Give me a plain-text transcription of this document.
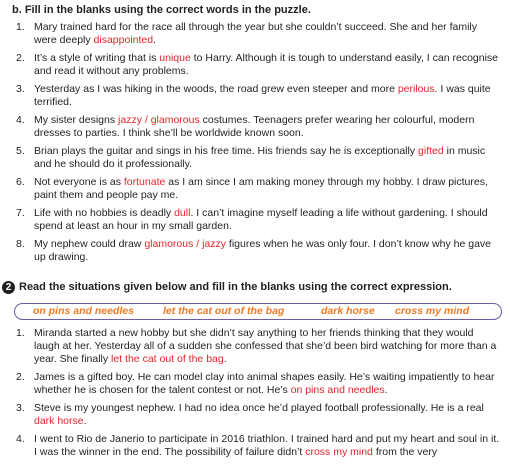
b. Fill in the blanks using the correct words in the puzzle.
1. Mary trained hard for the race all through the year but she couldn’t succeed. She and her family were deeply disappointed.
2. It’s a style of writing that is unique to Harry. Although it is tough to understand easily, I can recognise and read it without any problems.
3. Yesterday as I was hiking in the woods, the road grew even steeper and more perilous. I was quite terrified.
4. My sister designs jazzy / glamorous costumes. Teenagers prefer wearing her colourful, modern dresses to parties. I think she’ll be worldwide known soon.
5. Brian plays the guitar and sings in his free time. His friends say he is exceptionally gifted in music and he should do it professionally.
6. Not everyone is as fortunate as I am since I am making money through my hobby. I draw pictures, paint them and people pay me.
7. Life with no hobbies is deadly dull. I can’t imagine myself leading a life without gardening. I should spend at least an hour in my small garden.
8. My nephew could draw glamorous / jazzy figures when he was only four. I don’t know why he gave up drawing.
2 Read the situations given below and fill in the blanks using the correct expression.
on pins and needles	let the cat out of the bag	dark horse cross my mind
1. Miranda started a new hobby but she didn’t say anything to her friends thinking that they would laugh at her. Yesterday all of a sudden she confessed that she’d been bird watching for more than a year. She finally let the cat out of the bag.
2. James is a gifted boy. He can model clay into animal shapes easily. He’s waiting impatiently to hear whether he is chosen for the talent contest or not. He’s on pins and needles.
3. Steve is my youngest nephew. I had no idea once he’d played football professionally. He is a real dark horse.
4. I went to Rio de Janerio to participate in 2016 triathlon. I trained hard and put my heart and soul in it. I was the winner in the end. The possibility of failure didn’t cross my mind from the very
